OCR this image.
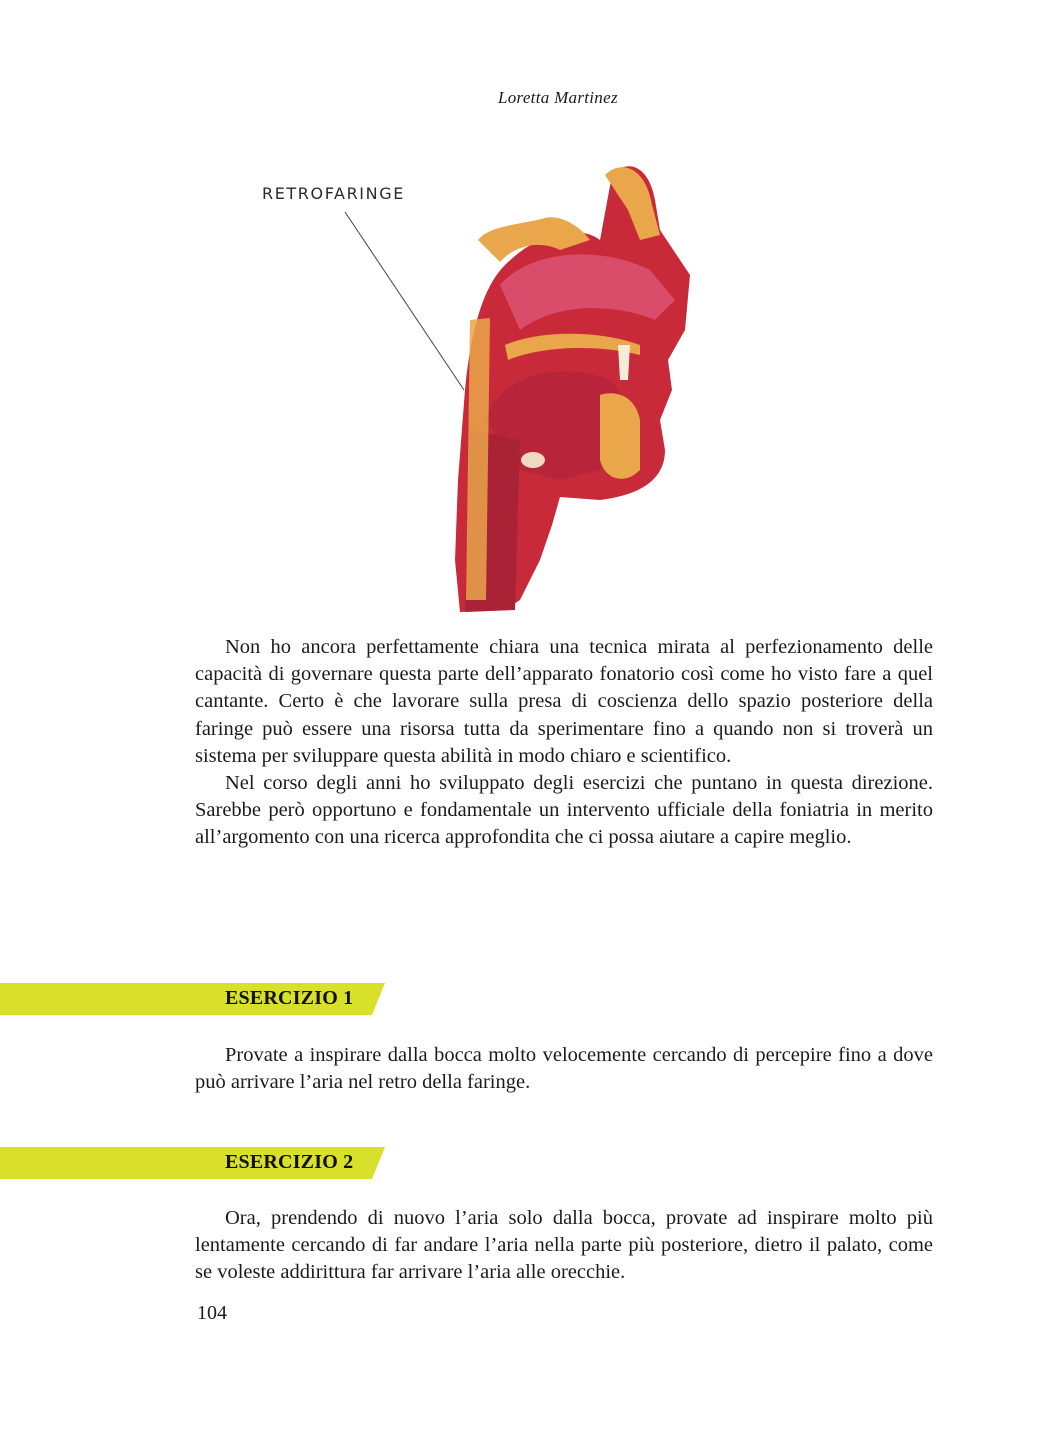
Loretta Martinez
RETROFARINGE

Non ho ancora perfettamente chiara una tecnica mirata al perfezionamento delle capacità di governare questa parte dell’apparato fonatorio così come ho visto fare a quel cantante. Certo è che lavorare sulla presa di coscienza dello spazio posteriore della faringe può essere una risorsa tutta da sperimentare fino a quando non si troverà un sistema per sviluppare questa abilità in modo chiaro e scientifico.

Nel corso degli anni ho sviluppato degli esercizi che puntano in questa direzione. Sarebbe però opportuno e fondamentale un intervento ufficiale della foniatria in merito all’argomento con una ricerca approfondita che ci possa aiutare a capire meglio.

ESERCIZIO 1

Provate a inspirare dalla bocca molto velocemente cercando di percepire fino a dove può arrivare l’aria nel retro della faringe.

ESERCIZIO 2

Ora, prendendo di nuovo l’aria solo dalla bocca, provate ad inspirare molto più lentamente cercando di far andare l’aria nella parte più posteriore, dietro il palato, come se voleste addirittura far arrivare l’aria alle orecchie.

104
